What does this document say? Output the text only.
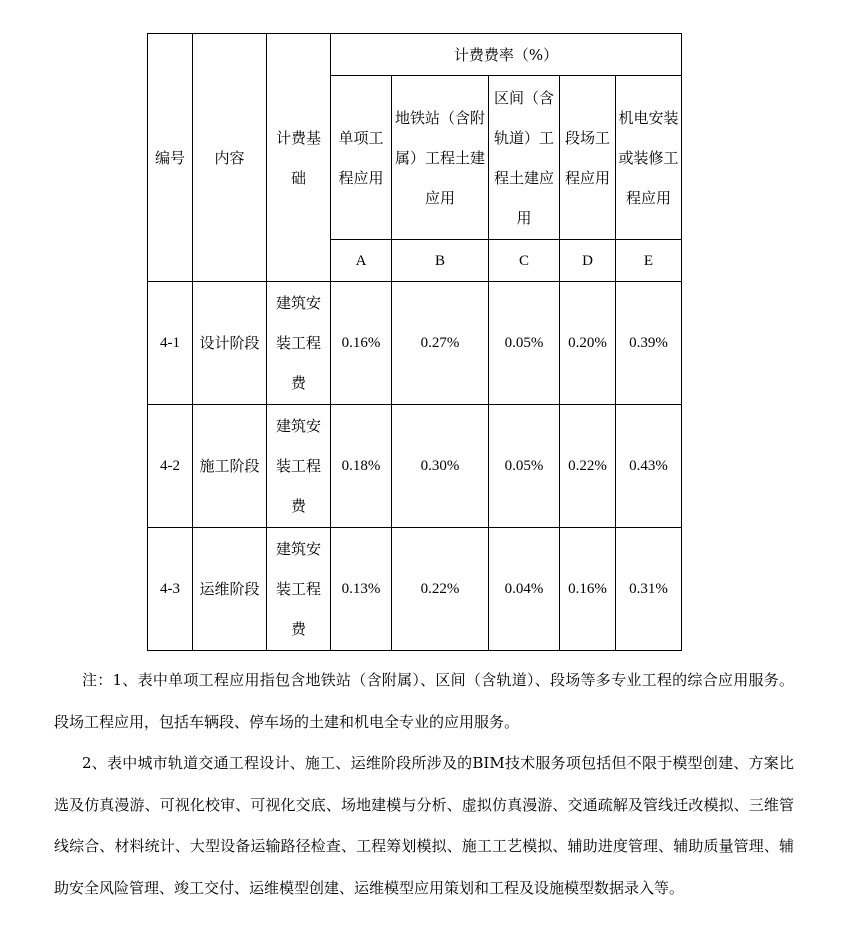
编号	内容	计费基础	计费费率（%）				
			单项工程应用	地铁站（含附属）工程土建应用	区间（含轨道）工程土建应用	段场工程应用	机电安装或装修工程应用
			A	B	C	D	E
4-1	设计阶段	建筑安装工程费	0.16%	0.27%	0.05%	0.20%	0.39%
4-2	施工阶段	建筑安装工程费	0.18%	0.30%	0.05%	0.22%	0.43%
4-3	运维阶段	建筑安装工程费	0.13%	0.22%	0.04%	0.16%	0.31%

注：1、表中单项工程应用指包含地铁站（含附属）、区间（含轨道）、段场等多专业工程的综合应用服务。段场工程应用，包括车辆段、停车场的土建和机电全专业的应用服务。

2、表中城市轨道交通工程设计、施工、运维阶段所涉及的BIM技术服务项包括但不限于模型创建、方案比选及仿真漫游、可视化校审、可视化交底、场地建模与分析、虚拟仿真漫游、交通疏解及管线迁改模拟、三维管线综合、材料统计、大型设备运输路径检查、工程筹划模拟、施工工艺模拟、辅助进度管理、辅助质量管理、辅助安全风险管理、竣工交付、运维模型创建、运维模型应用策划和工程及设施模型数据录入等。
